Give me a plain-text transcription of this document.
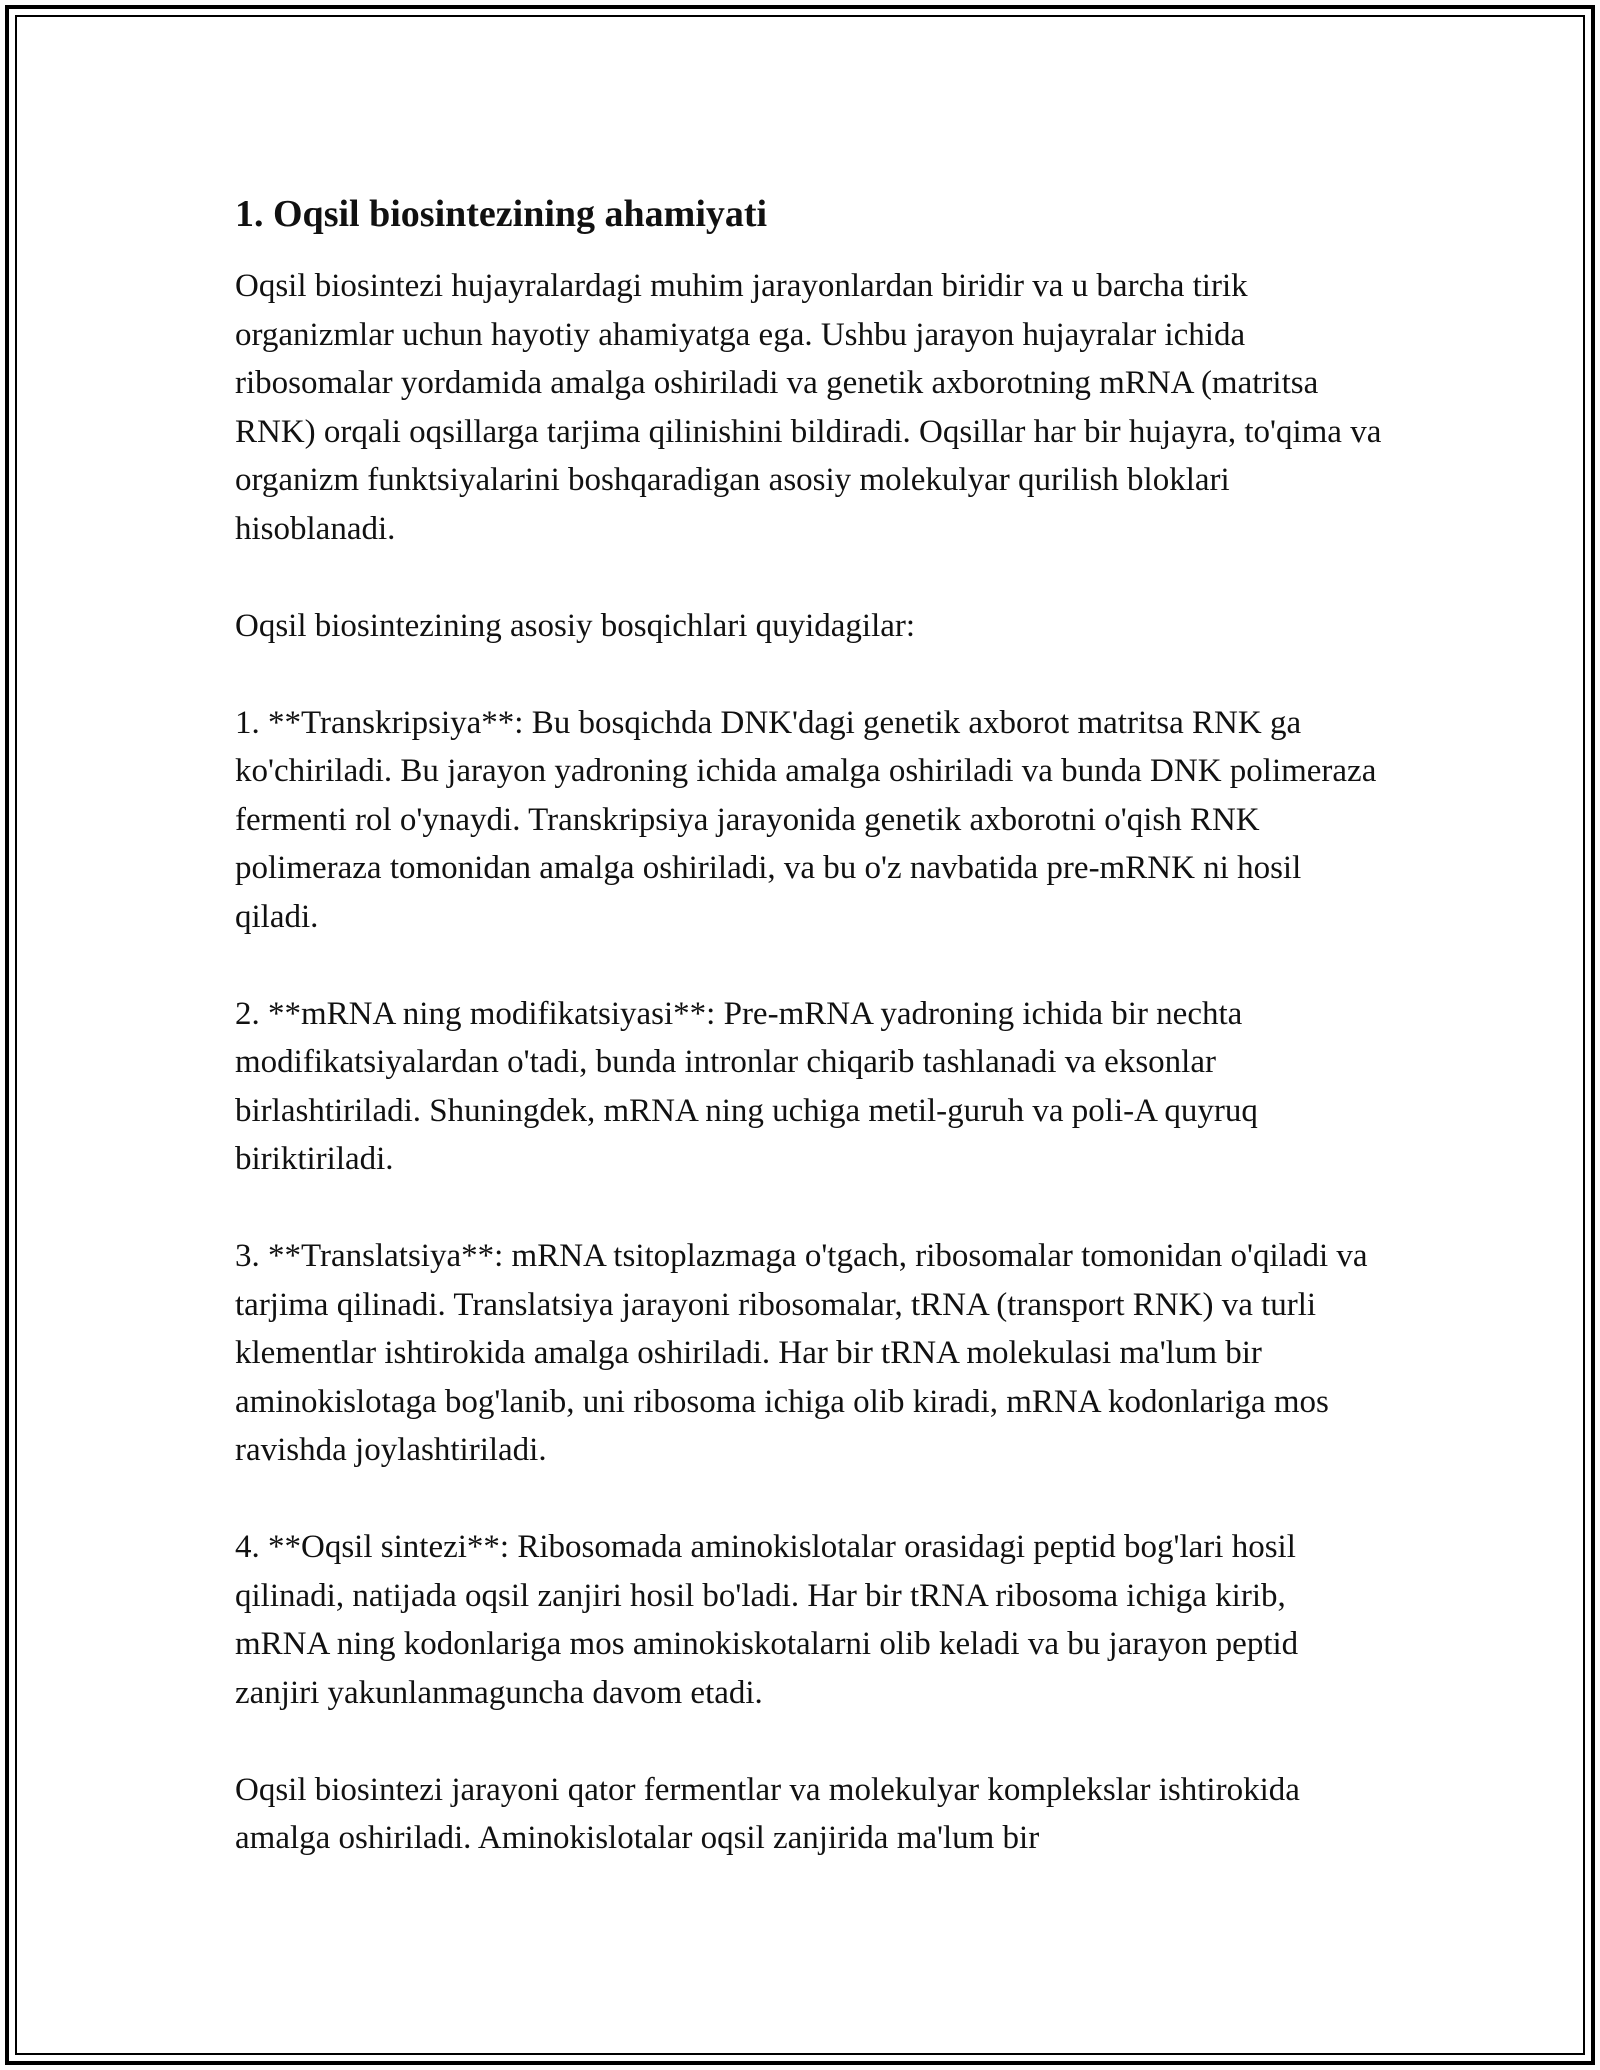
1. Oqsil biosintezining ahamiyati

Oqsil biosintezi hujayralardagi muhim jarayonlardan biridir va u barcha tirik organizmlar uchun hayotiy ahamiyatga ega. Ushbu jarayon hujayralar ichida ribosomalar yordamida amalga oshiriladi va genetik axborotning mRNA (matritsa RNK) orqali oqsillarga tarjima qilinishini bildiradi. Oqsillar har bir hujayra, to'qima va organizm funktsiyalarini boshqaradigan asosiy molekulyar qurilish bloklari hisoblanadi.

Oqsil biosintezining asosiy bosqichlari quyidagilar:

1. **Transkripsiya**: Bu bosqichda DNK'dagi genetik axborot matritsa RNK ga ko'chiriladi. Bu jarayon yadroning ichida amalga oshiriladi va bunda DNK polimeraza fermenti rol o'ynaydi. Transkripsiya jarayonida genetik axborotni o'qish RNK polimeraza tomonidan amalga oshiriladi, va bu o'z navbatida pre-mRNK ni hosil qiladi.

2. **mRNA ning modifikatsiyasi**: Pre-mRNA yadroning ichida bir nechta modifikatsiyalardan o'tadi, bunda intronlar chiqarib tashlanadi va eksonlar birlashtiriladi. Shuningdek, mRNA ning uchiga metil-guruh va poli-A quyruq biriktiriladi.

3. **Translatsiya**: mRNA tsitoplazmaga o'tgach, ribosomalar tomonidan o'qiladi va tarjima qilinadi. Translatsiya jarayoni ribosomalar, tRNA (transport RNK) va turli klementlar ishtirokida amalga oshiriladi. Har bir tRNA molekulasi ma'lum bir aminokislotaga bog'lanib, uni ribosoma ichiga olib kiradi, mRNA kodonlariga mos ravishda joylashtiriladi.

4. **Oqsil sintezi**: Ribosomada aminokislotalar orasidagi peptid bog'lari hosil qilinadi, natijada oqsil zanjiri hosil bo'ladi. Har bir tRNA ribosoma ichiga kirib, mRNA ning kodonlariga mos aminokiskotalarni olib keladi va bu jarayon peptid zanjiri yakunlanmaguncha davom etadi.

Oqsil biosintezi jarayoni qator fermentlar va molekulyar komplekslar ishtirokida amalga oshiriladi. Aminokislotalar oqsil zanjirida ma'lum bir
